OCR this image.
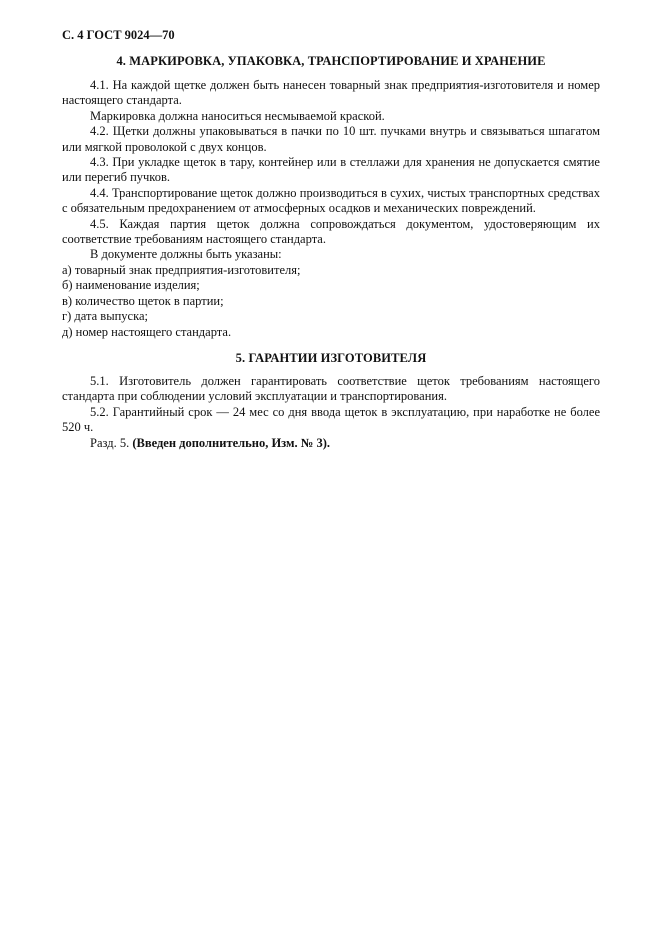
С. 4 ГОСТ 9024—70
4. МАРКИРОВКА, УПАКОВКА, ТРАНСПОРТИРОВАНИЕ И ХРАНЕНИЕ

4.1. На каждой щетке должен быть нанесен товарный знак предприятия-изготовителя и номер настоящего стандарта.

Маркировка должна наноситься несмываемой краской.

4.2. Щетки должны упаковываться в пачки по 10 шт. пучками внутрь и связываться шпагатом или мягкой проволокой с двух концов.

4.3. При укладке щеток в тару, контейнер или в стеллажи для хранения не допускается смятие или перегиб пучков.

4.4. Транспортирование щеток должно производиться в сухих, чистых транспортных средствах с обязательным предохранением от атмосферных осадков и механических повреждений.

4.5. Каждая партия щеток должна сопровождаться документом, удостоверяющим их соответствие требованиям настоящего стандарта.

В документе должны быть указаны:

а) товарный знак предприятия-изготовителя;

б) наименование изделия;

в) количество щеток в партии;

г) дата выпуска;

д) номер настоящего стандарта.

5. ГАРАНТИИ ИЗГОТОВИТЕЛЯ

5.1. Изготовитель должен гарантировать соответствие щеток требованиям настоящего стандарта при соблюдении условий эксплуатации и транспортирования.

5.2. Гарантийный срок — 24 мес со дня ввода щеток в эксплуатацию, при наработке не более 520 ч.

Разд. 5. (Введен дополнительно, Изм. № 3).
